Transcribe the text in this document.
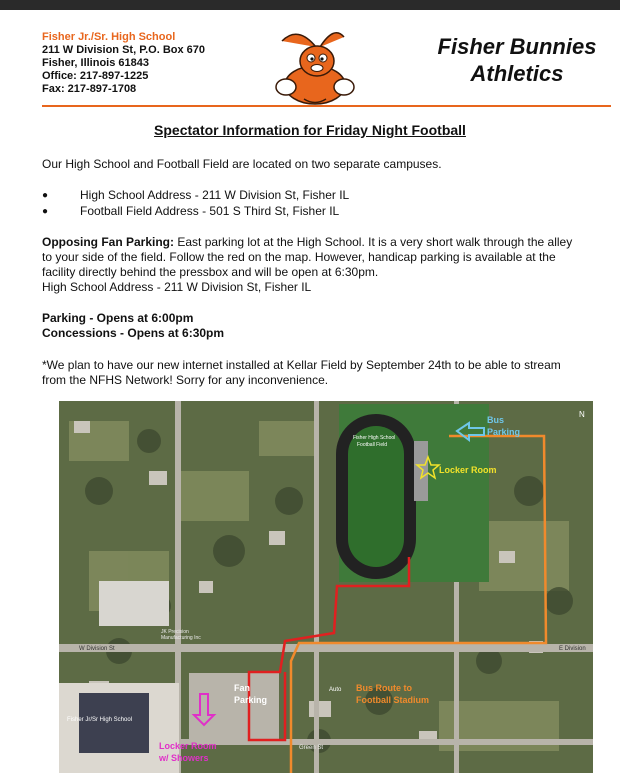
Fisher Jr./Sr. High School
211 W Division St, P.O. Box 670
Fisher, Illinois 61843
Office: 217-897-1225
Fax: 217-897-1708
Fisher Bunnies
Athletics
Spectator Information for Friday Night Football
Our High School and Football Field are located on two separate campuses.
●	High School Address - 211 W Division St, Fisher IL
●	Football Field Address - 501 S Third St, Fisher IL
Opposing Fan Parking: East parking lot at the High School. It is a very short walk through the alley
to your side of the field. Follow the red on the map. However, handicap parking is available at the
facility directly behind the pressbox and will be open at 6:30pm.
High School Address - 211 W Division St, Fisher IL
Parking - Opens at 6:00pm
Concessions - Opens at 6:30pm
*We plan to have our new internet installed at Kellar Field by September 24th to be able to stream
from the NFHS Network! Sorry for any inconvenience.
Bus
Parking
Fisher High School
Football Field
Locker Room
Fan
Parking
Bus Route to
Football Stadium
Locker Room
w/ Showers
Fisher Jr/Sr High School
W Division St	E Division
Green St
JK Precision
Manufacturing Inc
Auto
N
